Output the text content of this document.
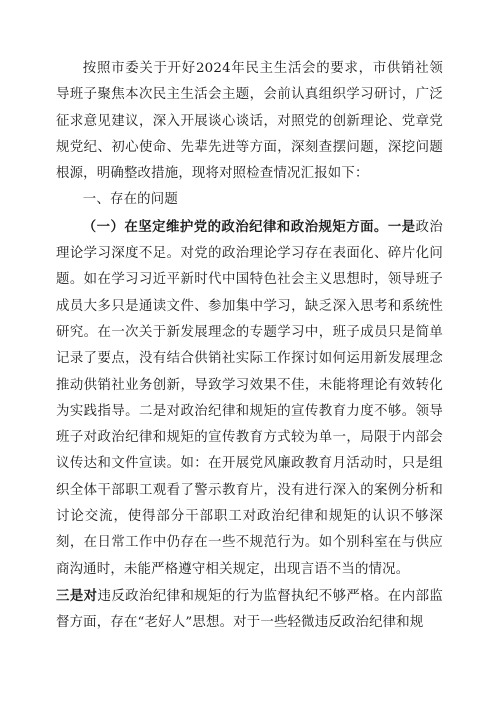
按照市委关于开好2024年民主生活会的要求，市供销社领导班子聚焦本次民主生活会主题，会前认真组织学习研讨，广泛征求意见建议，深入开展谈心谈话，对照党的创新理论、党章党规党纪、初心使命、先辈先进等方面，深刻查摆问题，深挖问题根源，明确整改措施，现将对照检查情况汇报如下：

一、存在的问题

（一）在坚定维护党的政治纪律和政治规矩方面。一是政治理论学习深度不足。对党的政治理论学习存在表面化、碎片化问题。如在学习习近平新时代中国特色社会主义思想时，领导班子成员大多只是通读文件、参加集中学习，缺乏深入思考和系统性研究。在一次关于新发展理念的专题学习中，班子成员只是简单记录了要点，没有结合供销社实际工作探讨如何运用新发展理念推动供销社业务创新，导致学习效果不佳，未能将理论有效转化为实践指导。二是对政治纪律和规矩的宣传教育力度不够。领导班子对政治纪律和规矩的宣传教育方式较为单一，局限于内部会议传达和文件宣读。如：在开展党风廉政教育月活动时，只是组织全体干部职工观看了警示教育片，没有进行深入的案例分析和讨论交流，使得部分干部职工对政治纪律和规矩的认识不够深刻，在日常工作中仍存在一些不规范行为。如个别科室在与供应商沟通时，未能严格遵守相关规定，出现言语不当的情况。

三是对违反政治纪律和规矩的行为监督执纪不够严格。在内部监督方面，存在“老好人”思想。对于一些轻微违反政治纪律和规
